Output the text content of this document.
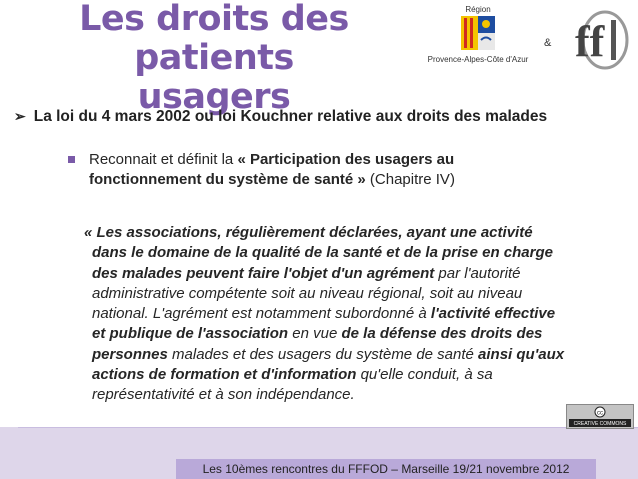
Les droits des patients
usagers
Région
Provence-Alpes-Côte d'Azur
& ff
➢ La loi du 4 mars 2002 ou loi Kouchner relative aux droits des malades
Reconnait et définit la « Participation des usagers au
fonctionnement du système de santé » (Chapitre IV)
« Les associations, régulièrement déclarées, ayant une activité
dans le domaine de la qualité de la santé et de la prise en charge
des malades peuvent faire l'objet d'un agrément par l'autorité
administrative compétente soit au niveau régional, soit au niveau
national. L'agrément est notamment subordonné à l'activité effective
et publique de l'association en vue de la défense des droits des
personnes malades et des usagers du système de santé ainsi qu'aux
actions de formation et d'information qu'elle conduit, à sa
représentativité et à son indépendance.
cc
CREATIVE COMMONS
Les 10èmes rencontres du FFFOD – Marseille 19/21 novembre 2012
